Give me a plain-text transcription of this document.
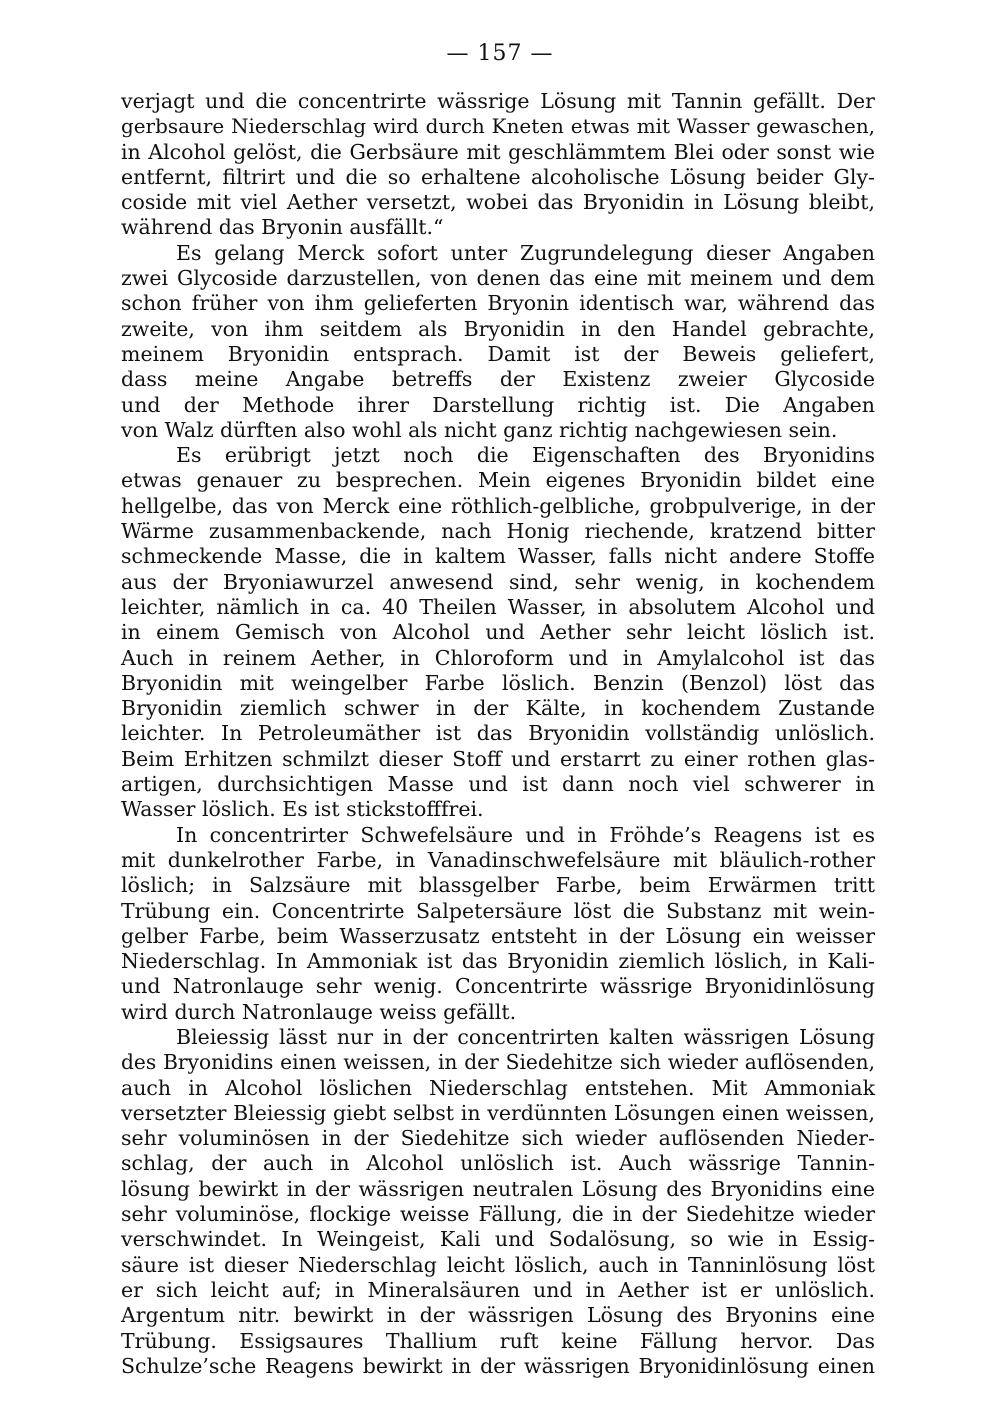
— 157 —
verjagt und die concentrirte wässrige Lösung mit Tannin gefällt. Der
gerbsaure Niederschlag wird durch Kneten etwas mit Wasser gewaschen,
in Alcohol gelöst, die Gerbsäure mit geschlämmtem Blei oder sonst wie
entfernt, filtrirt und die so erhaltene alcoholische Lösung beider Gly-
coside mit viel Aether versetzt, wobei das Bryonidin in Lösung bleibt,
während das Bryonin ausfällt.“
Es gelang Merck sofort unter Zugrundelegung dieser Angaben
zwei Glycoside darzustellen, von denen das eine mit meinem und dem
schon früher von ihm gelieferten Bryonin identisch war, während das
zweite, von ihm seitdem als Bryonidin in den Handel gebrachte,
meinem Bryonidin entsprach. Damit ist der Beweis geliefert,
dass meine Angabe betreffs der Existenz zweier Glycoside
und der Methode ihrer Darstellung richtig ist. Die Angaben
von Walz dürften also wohl als nicht ganz richtig nachgewiesen sein.
Es erübrigt jetzt noch die Eigenschaften des Bryonidins
etwas genauer zu besprechen. Mein eigenes Bryonidin bildet eine
hellgelbe, das von Merck eine röthlich-gelbliche, grobpulverige, in der
Wärme zusammenbackende, nach Honig riechende, kratzend bitter
schmeckende Masse, die in kaltem Wasser, falls nicht andere Stoffe
aus der Bryoniawurzel anwesend sind, sehr wenig, in kochendem
leichter, nämlich in ca. 40 Theilen Wasser, in absolutem Alcohol und
in einem Gemisch von Alcohol und Aether sehr leicht löslich ist.
Auch in reinem Aether, in Chloroform und in Amylalcohol ist das
Bryonidin mit weingelber Farbe löslich. Benzin (Benzol) löst das
Bryonidin ziemlich schwer in der Kälte, in kochendem Zustande
leichter. In Petroleumäther ist das Bryonidin vollständig unlöslich.
Beim Erhitzen schmilzt dieser Stoff und erstarrt zu einer rothen glas-
artigen, durchsichtigen Masse und ist dann noch viel schwerer in
Wasser löslich. Es ist stickstofffrei.
In concentrirter Schwefelsäure und in Fröhde’s Reagens ist es
mit dunkelrother Farbe, in Vanadinschwefelsäure mit bläulich-rother
löslich; in Salzsäure mit blassgelber Farbe, beim Erwärmen tritt
Trübung ein. Concentrirte Salpetersäure löst die Substanz mit wein-
gelber Farbe, beim Wasserzusatz entsteht in der Lösung ein weisser
Niederschlag. In Ammoniak ist das Bryonidin ziemlich löslich, in Kali-
und Natronlauge sehr wenig. Concentrirte wässrige Bryonidinlösung
wird durch Natronlauge weiss gefällt.
Bleiessig lässt nur in der concentrirten kalten wässrigen Lösung
des Bryonidins einen weissen, in der Siedehitze sich wieder auflösenden,
auch in Alcohol löslichen Niederschlag entstehen. Mit Ammoniak
versetzter Bleiessig giebt selbst in verdünnten Lösungen einen weissen,
sehr voluminösen in der Siedehitze sich wieder auflösenden Nieder-
schlag, der auch in Alcohol unlöslich ist. Auch wässrige Tannin-
lösung bewirkt in der wässrigen neutralen Lösung des Bryonidins eine
sehr voluminöse, flockige weisse Fällung, die in der Siedehitze wieder
verschwindet. In Weingeist, Kali und Sodalösung, so wie in Essig-
säure ist dieser Niederschlag leicht löslich, auch in Tanninlösung löst
er sich leicht auf; in Mineralsäuren und in Aether ist er unlöslich.
Argentum nitr. bewirkt in der wässrigen Lösung des Bryonins eine
Trübung. Essigsaures Thallium ruft keine Fällung hervor. Das
Schulze’sche Reagens bewirkt in der wässrigen Bryonidinlösung einen
